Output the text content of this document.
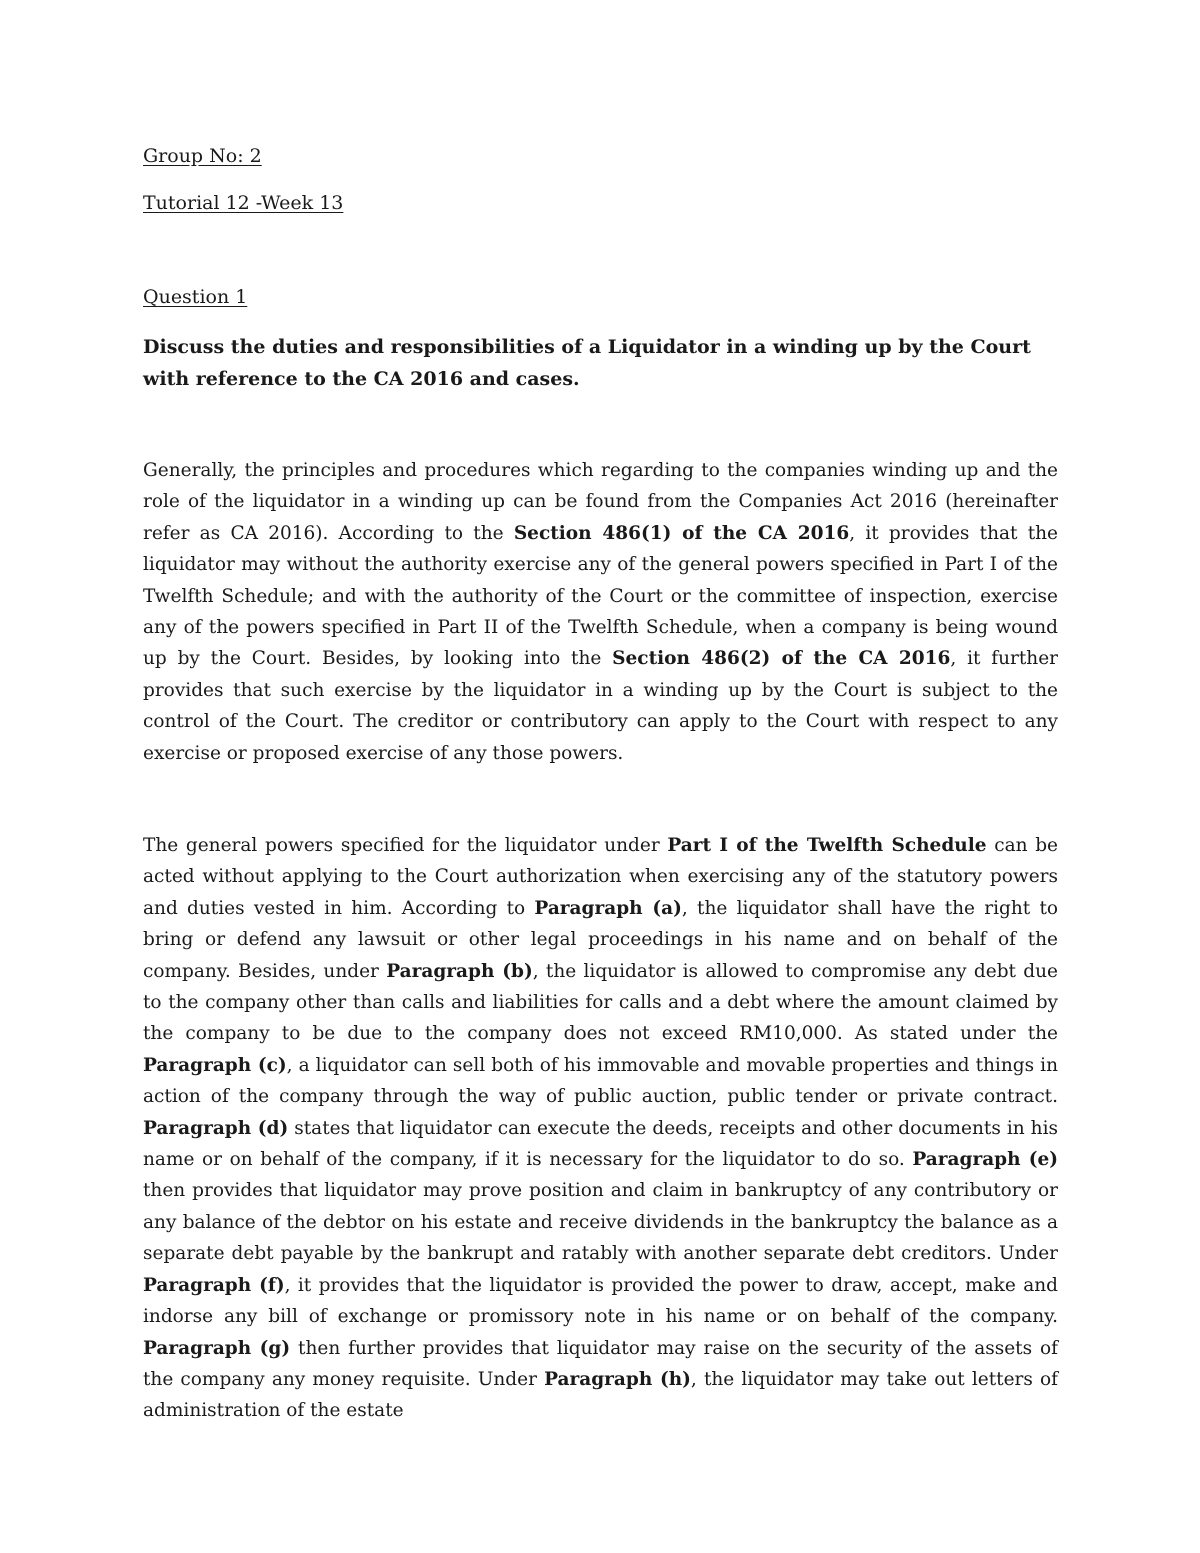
Group No: 2

Tutorial 12 -Week 13

Question 1

Discuss the duties and responsibilities of a Liquidator in a winding up by the Court with reference to the CA 2016 and cases.

Generally, the principles and procedures which regarding to the companies winding up and the role of the liquidator in a winding up can be found from the Companies Act 2016 (hereinafter refer as CA 2016). According to the Section 486(1) of the CA 2016, it provides that the liquidator may without the authority exercise any of the general powers specified in Part I of the Twelfth Schedule; and with the authority of the Court or the committee of inspection, exercise any of the powers specified in Part II of the Twelfth Schedule, when a company is being wound up by the Court. Besides, by looking into the Section 486(2) of the CA 2016, it further provides that such exercise by the liquidator in a winding up by the Court is subject to the control of the Court. The creditor or contributory can apply to the Court with respect to any exercise or proposed exercise of any those powers.

The general powers specified for the liquidator under Part I of the Twelfth Schedule can be acted without applying to the Court authorization when exercising any of the statutory powers and duties vested in him. According to Paragraph (a), the liquidator shall have the right to bring or defend any lawsuit or other legal proceedings in his name and on behalf of the company. Besides, under Paragraph (b), the liquidator is allowed to compromise any debt due to the company other than calls and liabilities for calls and a debt where the amount claimed by the company to be due to the company does not exceed RM10,000. As stated under the Paragraph (c), a liquidator can sell both of his immovable and movable properties and things in action of the company through the way of public auction, public tender or private contract. Paragraph (d) states that liquidator can execute the deeds, receipts and other documents in his name or on behalf of the company, if it is necessary for the liquidator to do so. Paragraph (e) then provides that liquidator may prove position and claim in bankruptcy of any contributory or any balance of the debtor on his estate and receive dividends in the bankruptcy the balance as a separate debt payable by the bankrupt and ratably with another separate debt creditors. Under Paragraph (f), it provides that the liquidator is provided the power to draw, accept, make and indorse any bill of exchange or promissory note in his name or on behalf of the company. Paragraph (g) then further provides that liquidator may raise on the security of the assets of the company any money requisite. Under Paragraph (h), the liquidator may take out letters of administration of the estate
